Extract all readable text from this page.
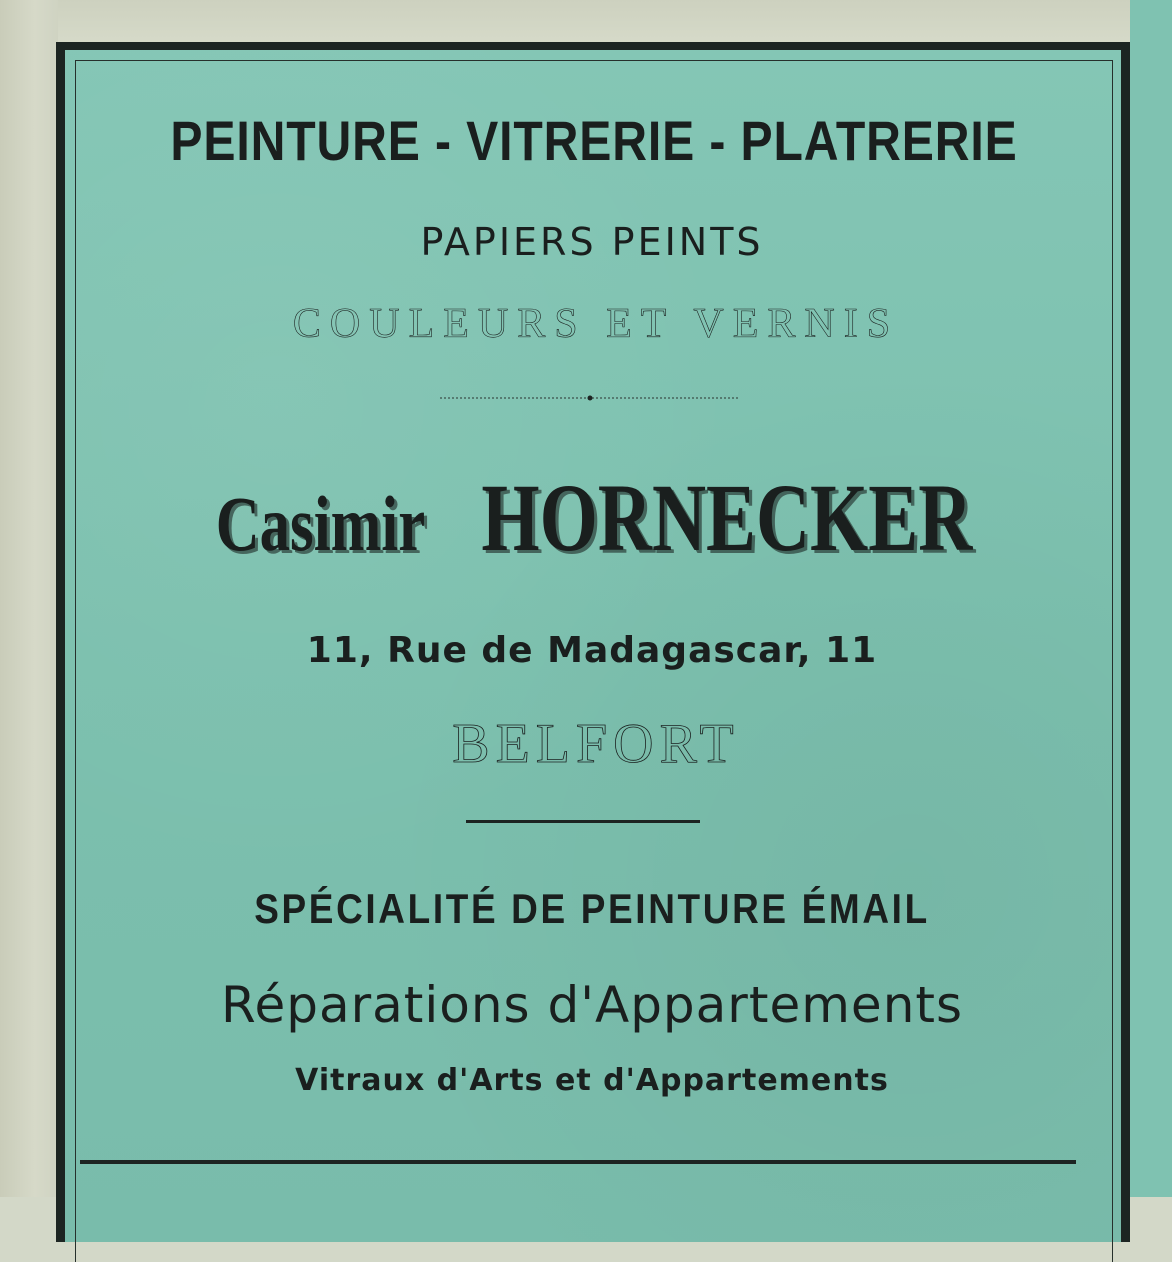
PEINTURE - VITRERIE - PLATRERIE
PAPIERS PEINTS
COULEURS ET VERNIS
Casimir HORNECKER
11, Rue de Madagascar, 11
BELFORT
SPÉCIALITÉ DE PEINTURE ÉMAIL
Réparations d'Appartements
Vitraux d'Arts et d'Appartements
